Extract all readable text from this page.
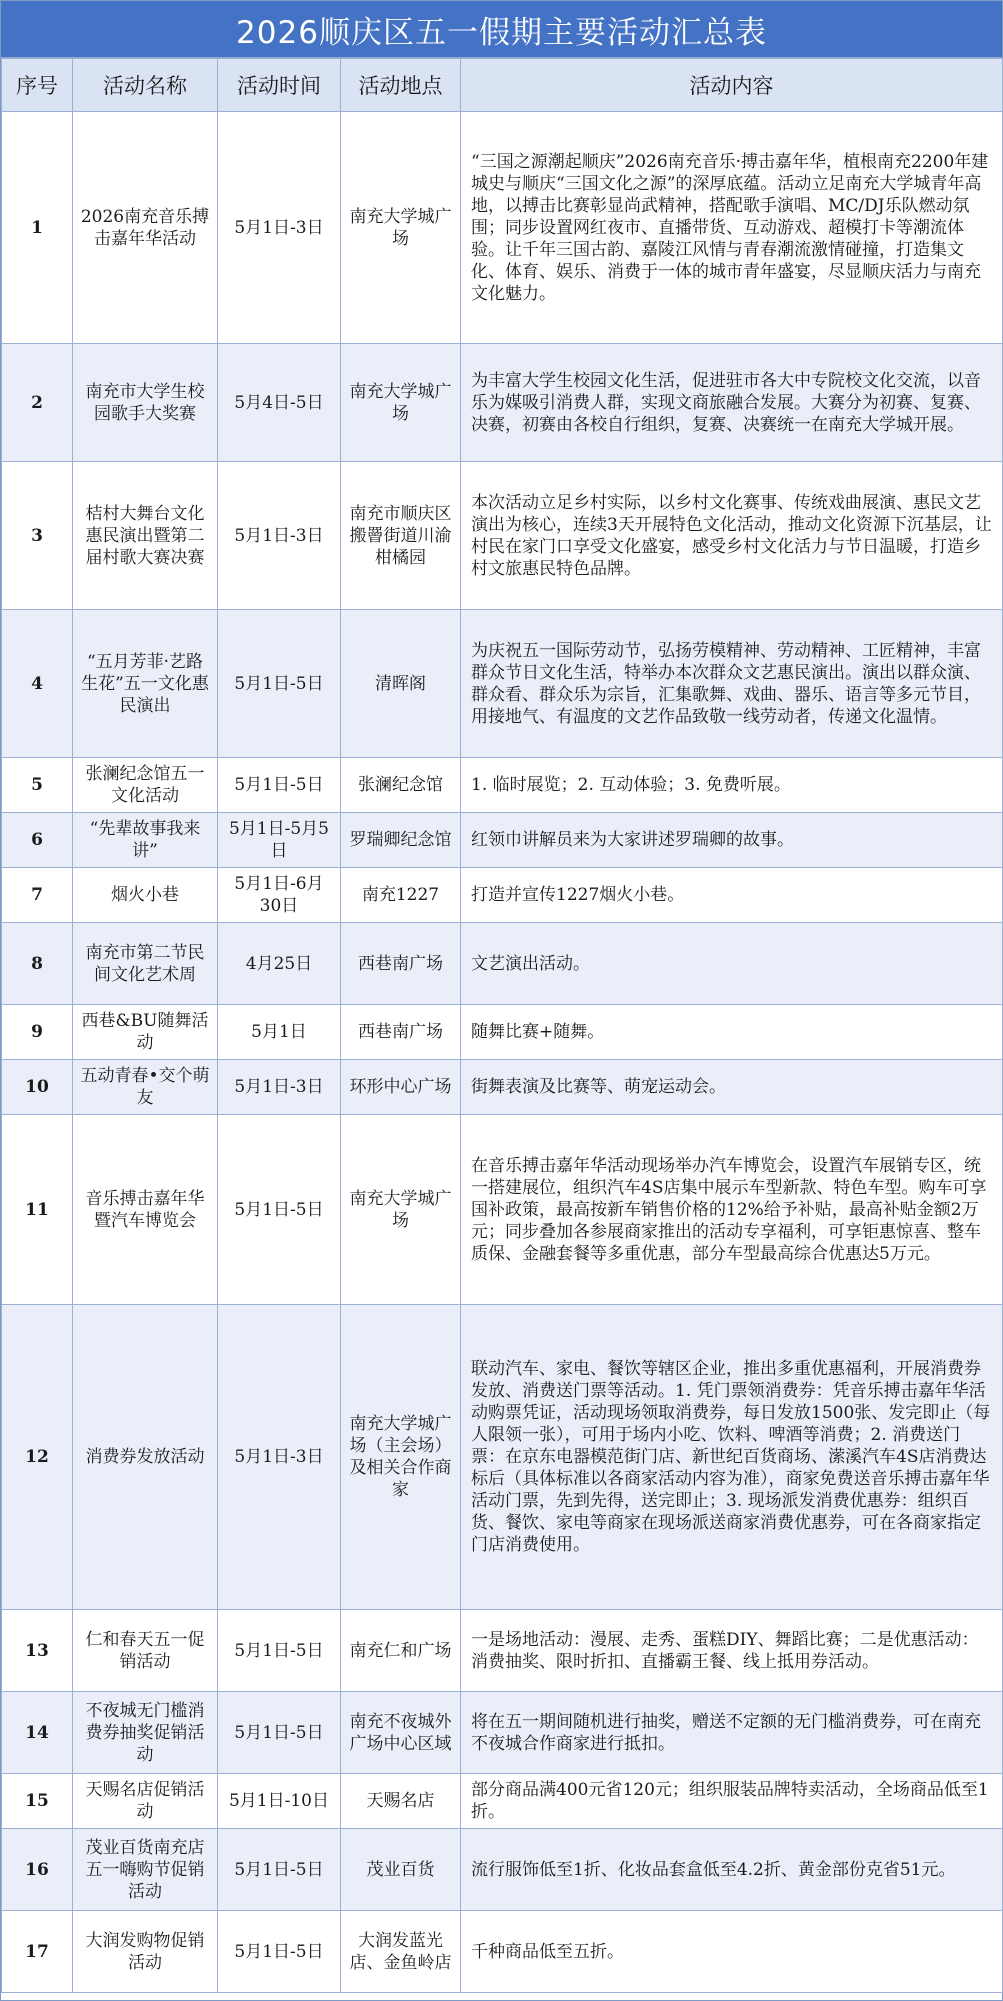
2026顺庆区五一假期主要活动汇总表
序号	活动名称	活动时间	活动地点	活动内容
1	2026南充音乐搏击嘉年华活动	5月1日-3日	南充大学城广场	“三国之源潮起顺庆”2026南充音乐·搏击嘉年华，植根南充2200年建城史与顺庆“三国文化之源”的深厚底蕴。活动立足南充大学城青年高地，以搏击比赛彰显尚武精神，搭配歌手演唱、MC/DJ乐队燃动氛围；同步设置网红夜市、直播带货、互动游戏、超模打卡等潮流体验。让千年三国古韵、嘉陵江风情与青春潮流激情碰撞，打造集文化、体育、娱乐、消费于一体的城市青年盛宴，尽显顺庆活力与南充文化魅力。

2	南充市大学生校园歌手大奖赛	5月4日-5日	南充大学城广场	为丰富大学生校园文化生活，促进驻市各大中专院校文化交流，以音乐为媒吸引消费人群，实现文商旅融合发展。大赛分为初赛、复赛、决赛，初赛由各校自行组织，复赛、决赛统一在南充大学城开展。

3	桔村大舞台文化惠民演出暨第二届村歌大赛决赛	5月1日-3日	南充市顺庆区搬罾街道川渝柑橘园	本次活动立足乡村实际，以乡村文化赛事、传统戏曲展演、惠民文艺演出为核心，连续3天开展特色文化活动，推动文化资源下沉基层，让村民在家门口享受文化盛宴，感受乡村文化活力与节日温暖，打造乡村文旅惠民特色品牌。

4	“五月芳菲·艺路生花”五一文化惠民演出	5月1日-5日	清晖阁	为庆祝五一国际劳动节，弘扬劳模精神、劳动精神、工匠精神，丰富群众节日文化生活，特举办本次群众文艺惠民演出。演出以群众演、群众看、群众乐为宗旨，汇集歌舞、戏曲、器乐、语言等多元节目，用接地气、有温度的文艺作品致敬一线劳动者，传递文化温情。

5	张澜纪念馆五一文化活动	5月1日-5日	张澜纪念馆	1. 临时展览；2. 互动体验；3. 免费听展。

6	“先辈故事我来讲”	5月1日-5月5日	罗瑞卿纪念馆	红领巾讲解员来为大家讲述罗瑞卿的故事。

7	烟火小巷	5月1日-6月30日	南充1227	打造并宣传1227烟火小巷。

8	南充市第二节民间文化艺术周	4月25日	西巷南广场	文艺演出活动。

9	西巷&BU随舞活动	5月1日	西巷南广场	随舞比赛+随舞。

10	五动青春•交个萌友	5月1日-3日	环形中心广场	街舞表演及比赛等、萌宠运动会。

11	音乐搏击嘉年华暨汽车博览会	5月1日-5日	南充大学城广场	在音乐搏击嘉年华活动现场举办汽车博览会，设置汽车展销专区，统一搭建展位，组织汽车4S店集中展示车型新款、特色车型。购车可享国补政策，最高按新车销售价格的12%给予补贴，最高补贴金额2万元；同步叠加各参展商家推出的活动专享福利，可享钜惠惊喜、整车质保、金融套餐等多重优惠，部分车型最高综合优惠达5万元。

12	消费券发放活动	5月1日-3日	南充大学城广场（主会场）及相关合作商家	联动汽车、家电、餐饮等辖区企业，推出多重优惠福利，开展消费券发放、消费送门票等活动。1. 凭门票领消费券：凭音乐搏击嘉年华活动购票凭证，活动现场领取消费券，每日发放1500张、发完即止（每人限领一张），可用于场内小吃、饮料、啤酒等消费；2. 消费送门票：在京东电器模范街门店、新世纪百货商场、潆溪汽车4S店消费达标后（具体标准以各商家活动内容为准），商家免费送音乐搏击嘉年华活动门票，先到先得，送完即止；3. 现场派发消费优惠券：组织百货、餐饮、家电等商家在现场派送商家消费优惠券，可在各商家指定门店消费使用。

13	仁和春天五一促销活动	5月1日-5日	南充仁和广场	一是场地活动：漫展、走秀、蛋糕DIY、舞蹈比赛；二是优惠活动：消费抽奖、限时折扣、直播霸王餐、线上抵用券活动。

14	不夜城无门槛消费券抽奖促销活动	5月1日-5日	南充不夜城外广场中心区域	将在五一期间随机进行抽奖，赠送不定额的无门槛消费券，可在南充不夜城合作商家进行抵扣。

15	天赐名店促销活动	5月1日-10日	天赐名店	部分商品满400元省120元；组织服装品牌特卖活动，全场商品低至1折。

16	茂业百货南充店五一嗨购节促销活动	5月1日-5日	茂业百货	流行服饰低至1折、化妆品套盒低至4.2折、黄金部份克省51元。

17	大润发购物促销活动	5月1日-5日	大润发蓝光店、金鱼岭店	千种商品低至五折。
